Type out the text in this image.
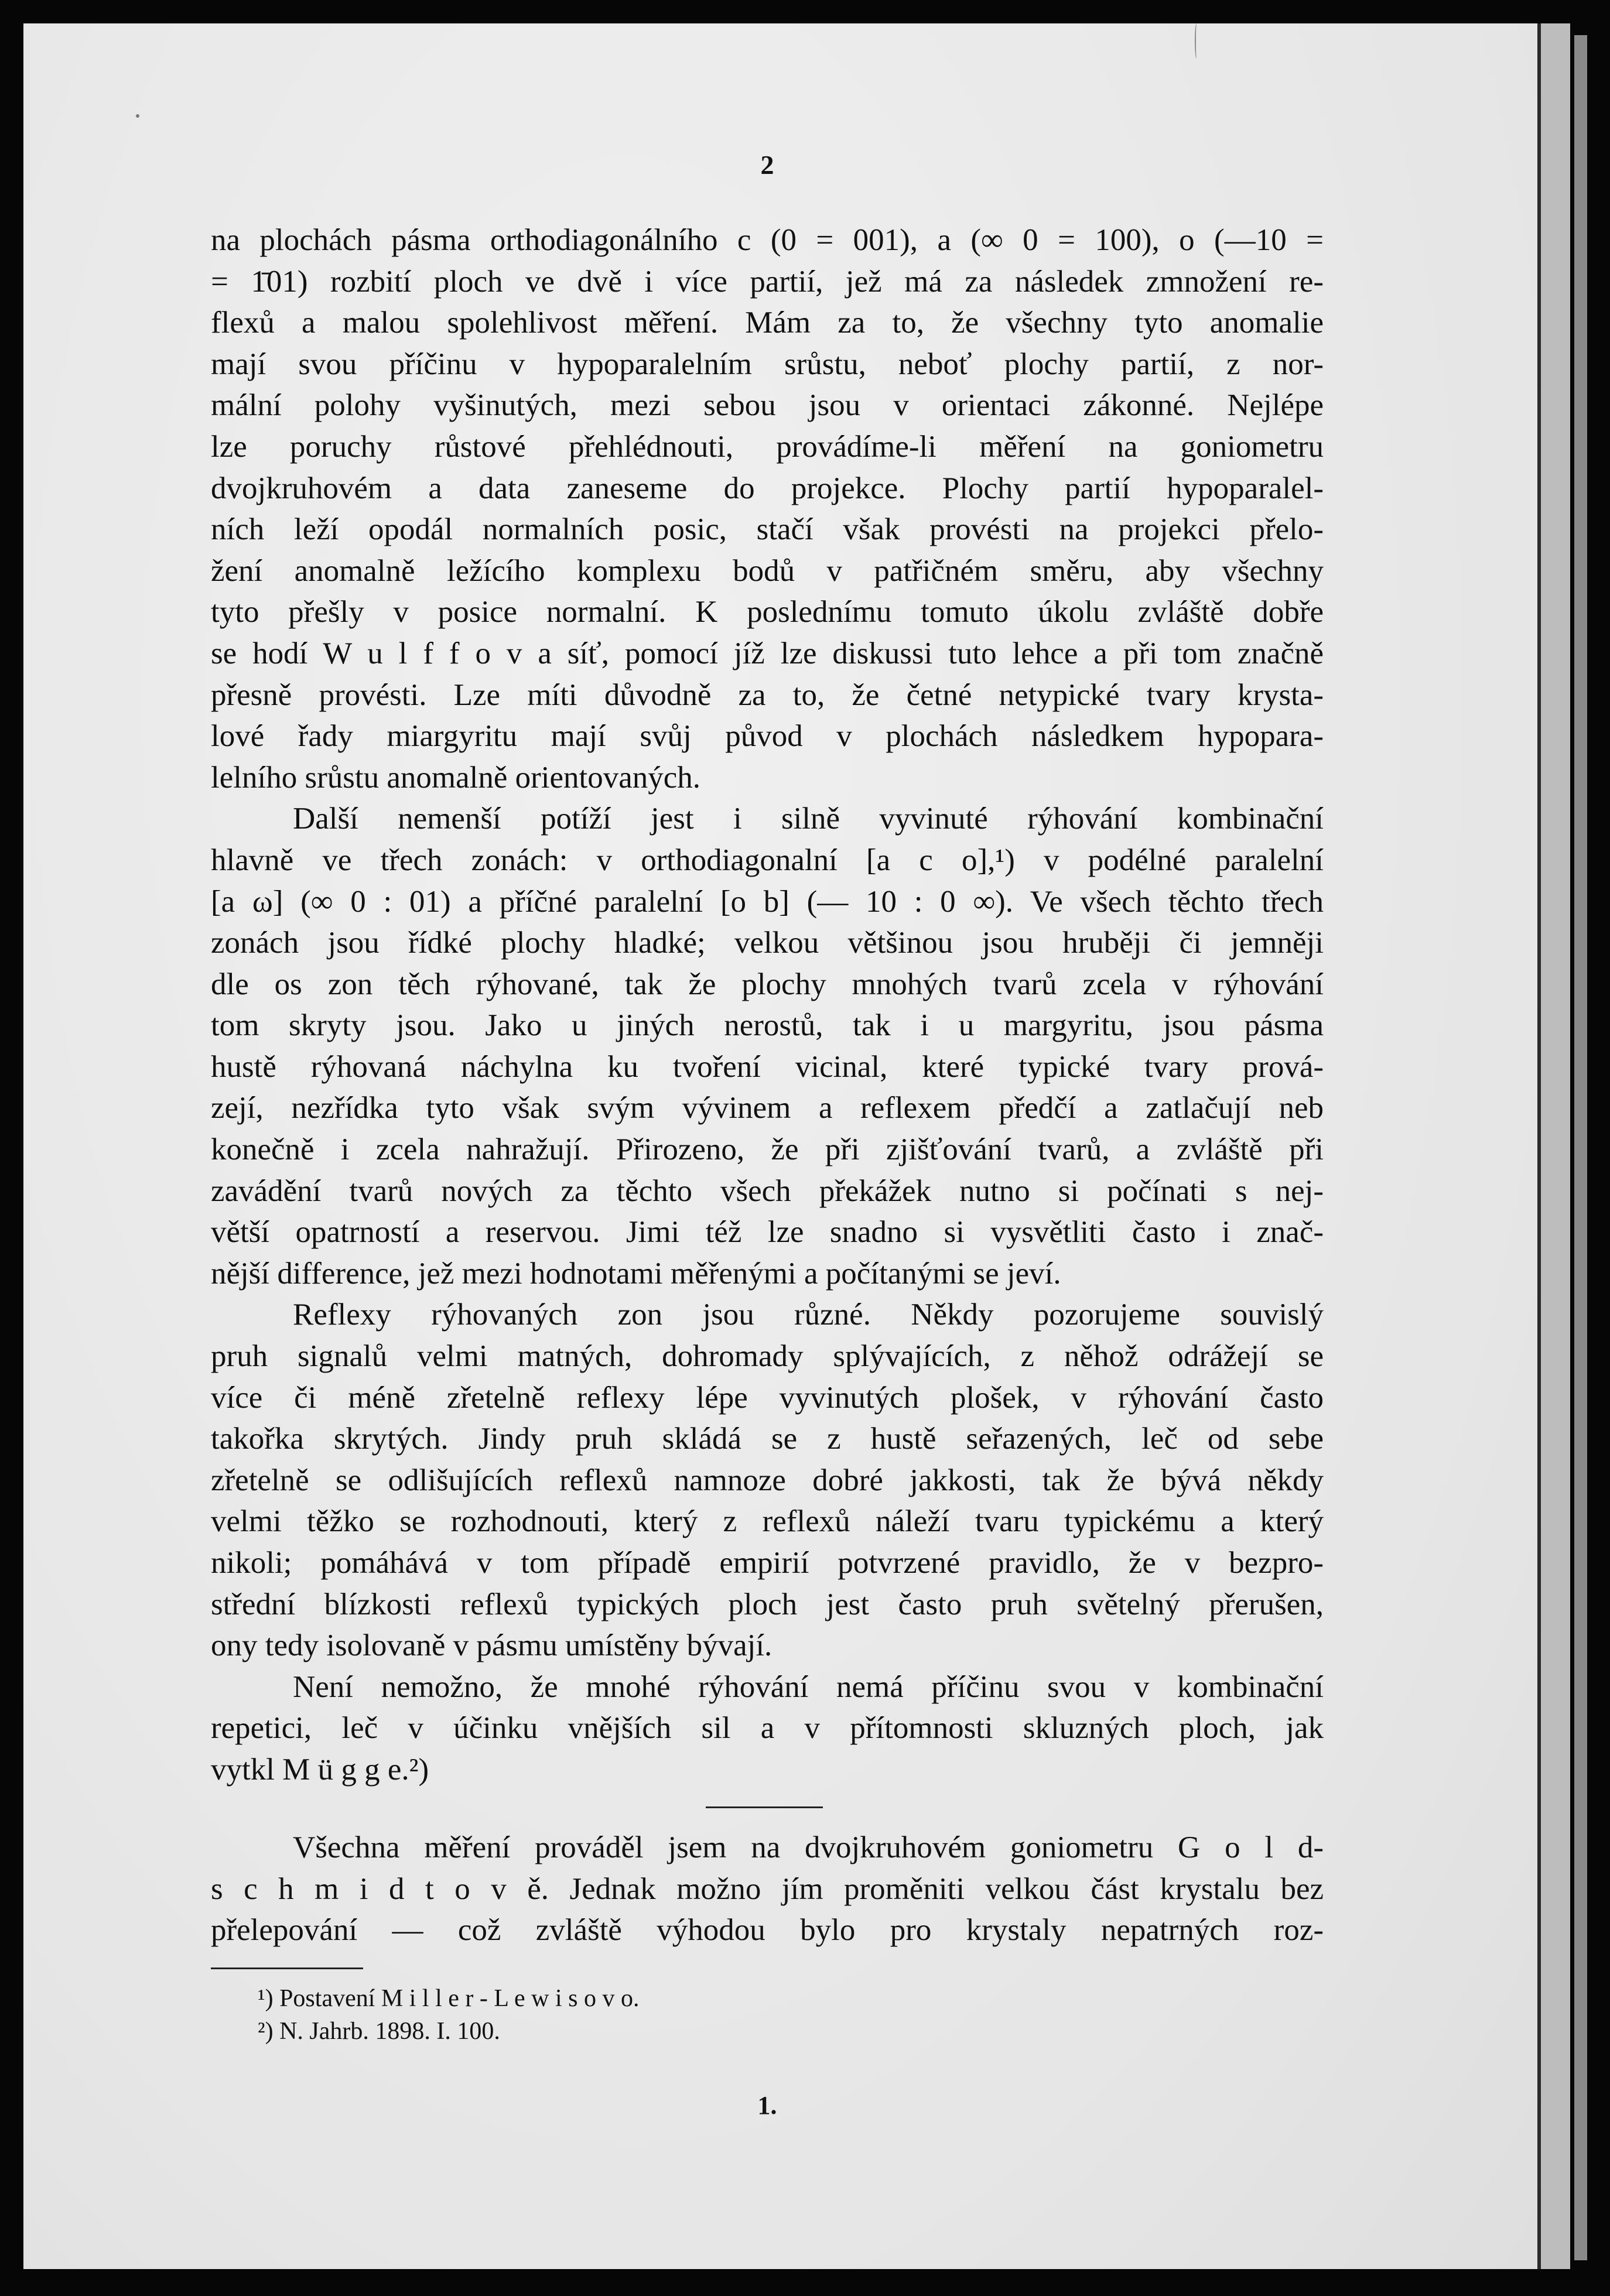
2
na plochách pásma orthodiagonálního c (0 = 001), a (∞ 0 = 100), o (—10 =
= 1̄01) rozbití ploch ve dvě i více partií, jež má za následek zmnožení re-
flexů a malou spolehlivost měření. Mám za to, že všechny tyto anomalie
mají svou příčinu v hypoparalelním srůstu, neboť plochy partií, z nor-
mální polohy vyšinutých, mezi sebou jsou v orientaci zákonné. Nejlépe
lze poruchy růstové přehlédnouti, provádíme-li měření na goniometru
dvojkruhovém a data zaneseme do projekce. Plochy partií hypoparalel-
ních leží opodál normalních posic, stačí však provésti na projekci přelo-
žení anomalně ležícího komplexu bodů v patřičném směru, aby všechny
tyto přešly v posice normalní. K poslednímu tomuto úkolu zvláště dobře
se hodí W u l f f o v a síť, pomocí jíž lze diskussi tuto lehce a při tom značně
přesně provésti. Lze míti důvodně za to, že četné netypické tvary krysta-
lové řady miargyritu mají svůj původ v plochách následkem hypopara-
lelního srůstu anomalně orientovaných.
Další nemenší potíží jest i silně vyvinuté rýhování kombinační
hlavně ve třech zonách: v orthodiagonalní [a c o],¹) v podélné paralelní
[a ω] (∞ 0 : 01) a příčné paralelní [o b] (— 10 : 0 ∞). Ve všech těchto třech
zonách jsou řídké plochy hladké; velkou většinou jsou hruběji či jemněji
dle os zon těch rýhované, tak že plochy mnohých tvarů zcela v rýhování
tom skryty jsou. Jako u jiných nerostů, tak i u margyritu, jsou pásma
hustě rýhovaná náchylna ku tvoření vicinal, které typické tvary prová-
zejí, nezřídka tyto však svým vývinem a reflexem předčí a zatlačují neb
konečně i zcela nahražují. Přirozeno, že při zjišťování tvarů, a zvláště při
zavádění tvarů nových za těchto všech překážek nutno si počínati s nej-
větší opatrností a reservou. Jimi též lze snadno si vysvětliti často i znač-
nější difference, jež mezi hodnotami měřenými a počítanými se jeví.
Reflexy rýhovaných zon jsou různé. Někdy pozorujeme souvislý
pruh signalů velmi matných, dohromady splývajících, z něhož odrážejí se
více či méně zřetelně reflexy lépe vyvinutých plošek, v rýhování často
takořka skrytých. Jindy pruh skládá se z hustě seřazených, leč od sebe
zřetelně se odlišujících reflexů namnoze dobré jakkosti, tak že bývá někdy
velmi těžko se rozhodnouti, který z reflexů náleží tvaru typickému a který
nikoli; pomáhává v tom případě empirií potvrzené pravidlo, že v bezpro-
střední blízkosti reflexů typických ploch jest často pruh světelný přerušen,
ony tedy isolovaně v pásmu umístěny bývají.
Není nemožno, že mnohé rýhování nemá příčinu svou v kombinační
repetici, leč v účinku vnějších sil a v přítomnosti skluzných ploch, jak
vytkl M ü g g e.²)
Všechna měření prováděl jsem na dvojkruhovém goniometru G o l d-
s c h m i d t o v ě. Jednak možno jím proměniti velkou část krystalu bez
přelepování — což zvláště výhodou bylo pro krystaly nepatrných roz-
¹) Postavení M i l l e r - L e w i s o v o.
²) N. Jahrb. 1898. I. 100.
1.
